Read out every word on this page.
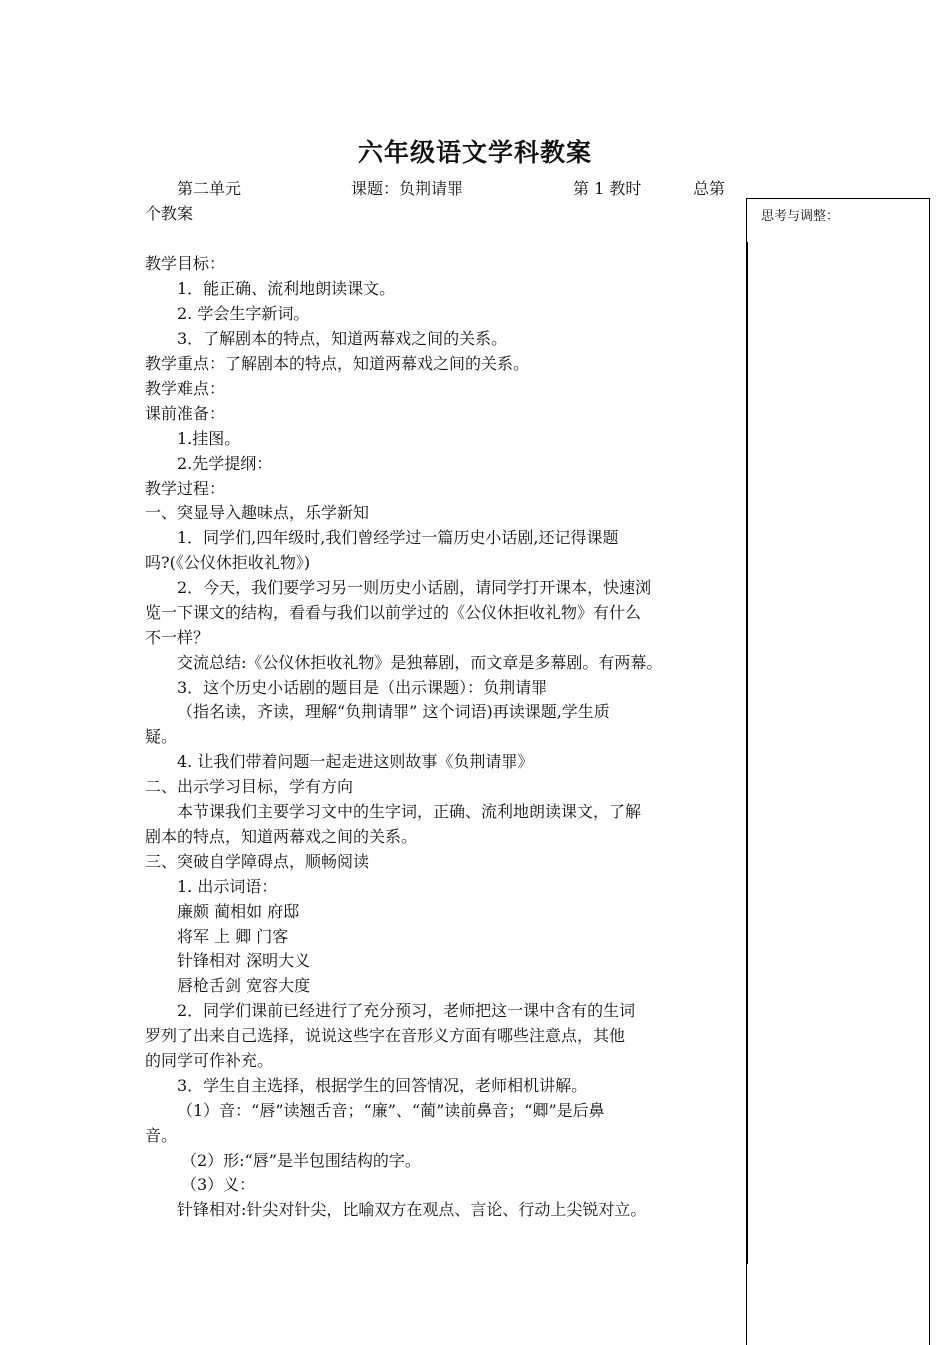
六年级语文学科教案
第二单元	课题：负荆请罪	第 1 教时	总第
个教案	思考与调整：
教学目标：
1．能正确、流利地朗读课文。
2. 学会生字新词。
3．了解剧本的特点，知道两幕戏之间的关系。
教学重点：了解剧本的特点，知道两幕戏之间的关系。
教学难点：
课前准备：
1.挂图。
2.先学提纲：
教学过程：
一、突显导入趣味点，乐学新知
1．同学们,四年级时,我们曾经学过一篇历史小话剧,还记得课题
吗?(《公仪休拒收礼物》)
2．今天，我们要学习另一则历史小话剧，请同学打开课本，快速浏
览一下课文的结构，看看与我们以前学过的《公仪休拒收礼物》有什么
不一样？
交流总结:《公仪休拒收礼物》是独幕剧，而文章是多幕剧。有两幕。
3．这个历史小话剧的题目是（出示课题）：负荆请罪
（指名读，齐读，理解“负荆请罪” 这个词语)再读课题,学生质
疑。
4. 让我们带着问题一起走进这则故事《负荆请罪》
二、出示学习目标，学有方向
本节课我们主要学习文中的生字词，正确、流利地朗读课文，了解
剧本的特点，知道两幕戏之间的关系。
三、突破自学障碍点，顺畅阅读
1. 出示词语：
廉颇 蔺相如 府邸
将军 上 卿 门客
针锋相对 深明大义
唇枪舌剑 宽容大度
2．同学们课前已经进行了充分预习，老师把这一课中含有的生词
罗列了出来自己选择，说说这些字在音形义方面有哪些注意点，其他
的同学可作补充。
3．学生自主选择，根据学生的回答情况，老师相机讲解。
（1）音：“唇”读翘舌音；“廉”、“蔺”读前鼻音；“卿”是后鼻
音。
（2）形:“唇”是半包围结构的字。
（3）义：
针锋相对:针尖对针尖，比喻双方在观点、言论、行动上尖锐对立。
